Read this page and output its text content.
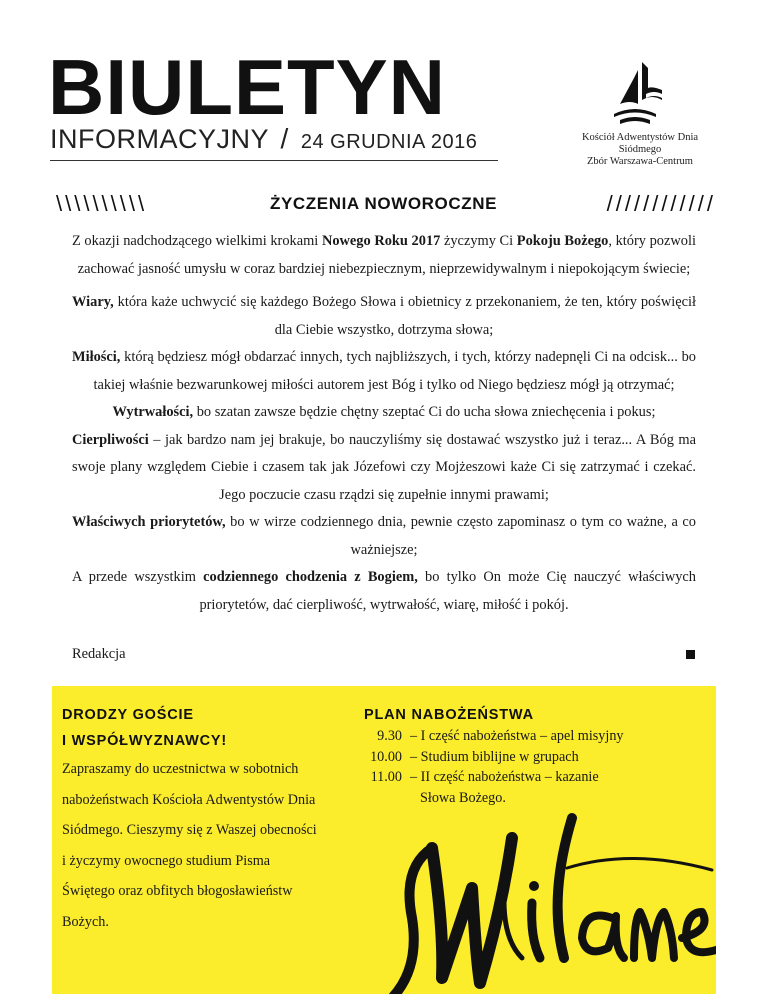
BIULETYN
INFORMACYJNY / 24 GRUDNIA 2016	Kościół Adwentystów Dnia Siódmego
Zbór Warszawa-Centrum
\\\\\\\\\\	ŻYCZENIA NOWOROCZNE	////////////

Z okazji nadchodzącego wielkimi krokami Nowego Roku 2017 życzymy Ci Pokoju Bożego, który pozwoli zachować jasność umysłu w coraz bardziej niebezpiecznym, nieprzewidywalnym i niepokojącym świecie;

Wiary, która każe uchwycić się każdego Bożego Słowa i obietnicy z przekonaniem, że ten, który poświęcił dla Ciebie wszystko, dotrzyma słowa;

Miłości, którą będziesz mógł obdarzać innych, tych najbliższych, i tych, którzy nadepnęli Ci na odcisk... bo takiej właśnie bezwarunkowej miłości autorem jest Bóg i tylko od Niego będziesz mógł ją otrzymać;

Wytrwałości, bo szatan zawsze będzie chętny szeptać Ci do ucha słowa zniechęcenia i pokus;

Cierpliwości – jak bardzo nam jej brakuje, bo nauczyliśmy się dostawać wszystko już i teraz... A Bóg ma swoje plany względem Ciebie i czasem tak jak Józefowi czy Mojżeszowi każe Ci się zatrzymać i czekać. Jego poczucie czasu rządzi się zupełnie innymi prawami;

Właściwych priorytetów, bo w wirze codziennego dnia, pewnie często zapominasz o tym co ważne, a co ważniejsze;

A przede wszystkim codziennego chodzenia z Bogiem, bo tylko On może Cię nauczyć właściwych priorytetów, dać cierpliwość, wytrwałość, wiarę, miłość i pokój.

Redakcja
DRODZY GOŚCIE
I WSPÓŁWYZNAWCY!
Zapraszamy do uczestnictwa w sobotnich nabożeństwach Kościoła Adwentystów Dnia Siódmego. Cieszymy się z Waszej obecności i życzymy owocnego studium Pisma Świętego oraz obfitych błogosławieństw Bożych.
PLAN NABOŻEŃSTWA
9.30 – I część nabożeństwa – apel misyjny
10.00 – Studium biblijne w grupach
11.00 – II część nabożeństwa – kazanie
Słowa Bożego.
